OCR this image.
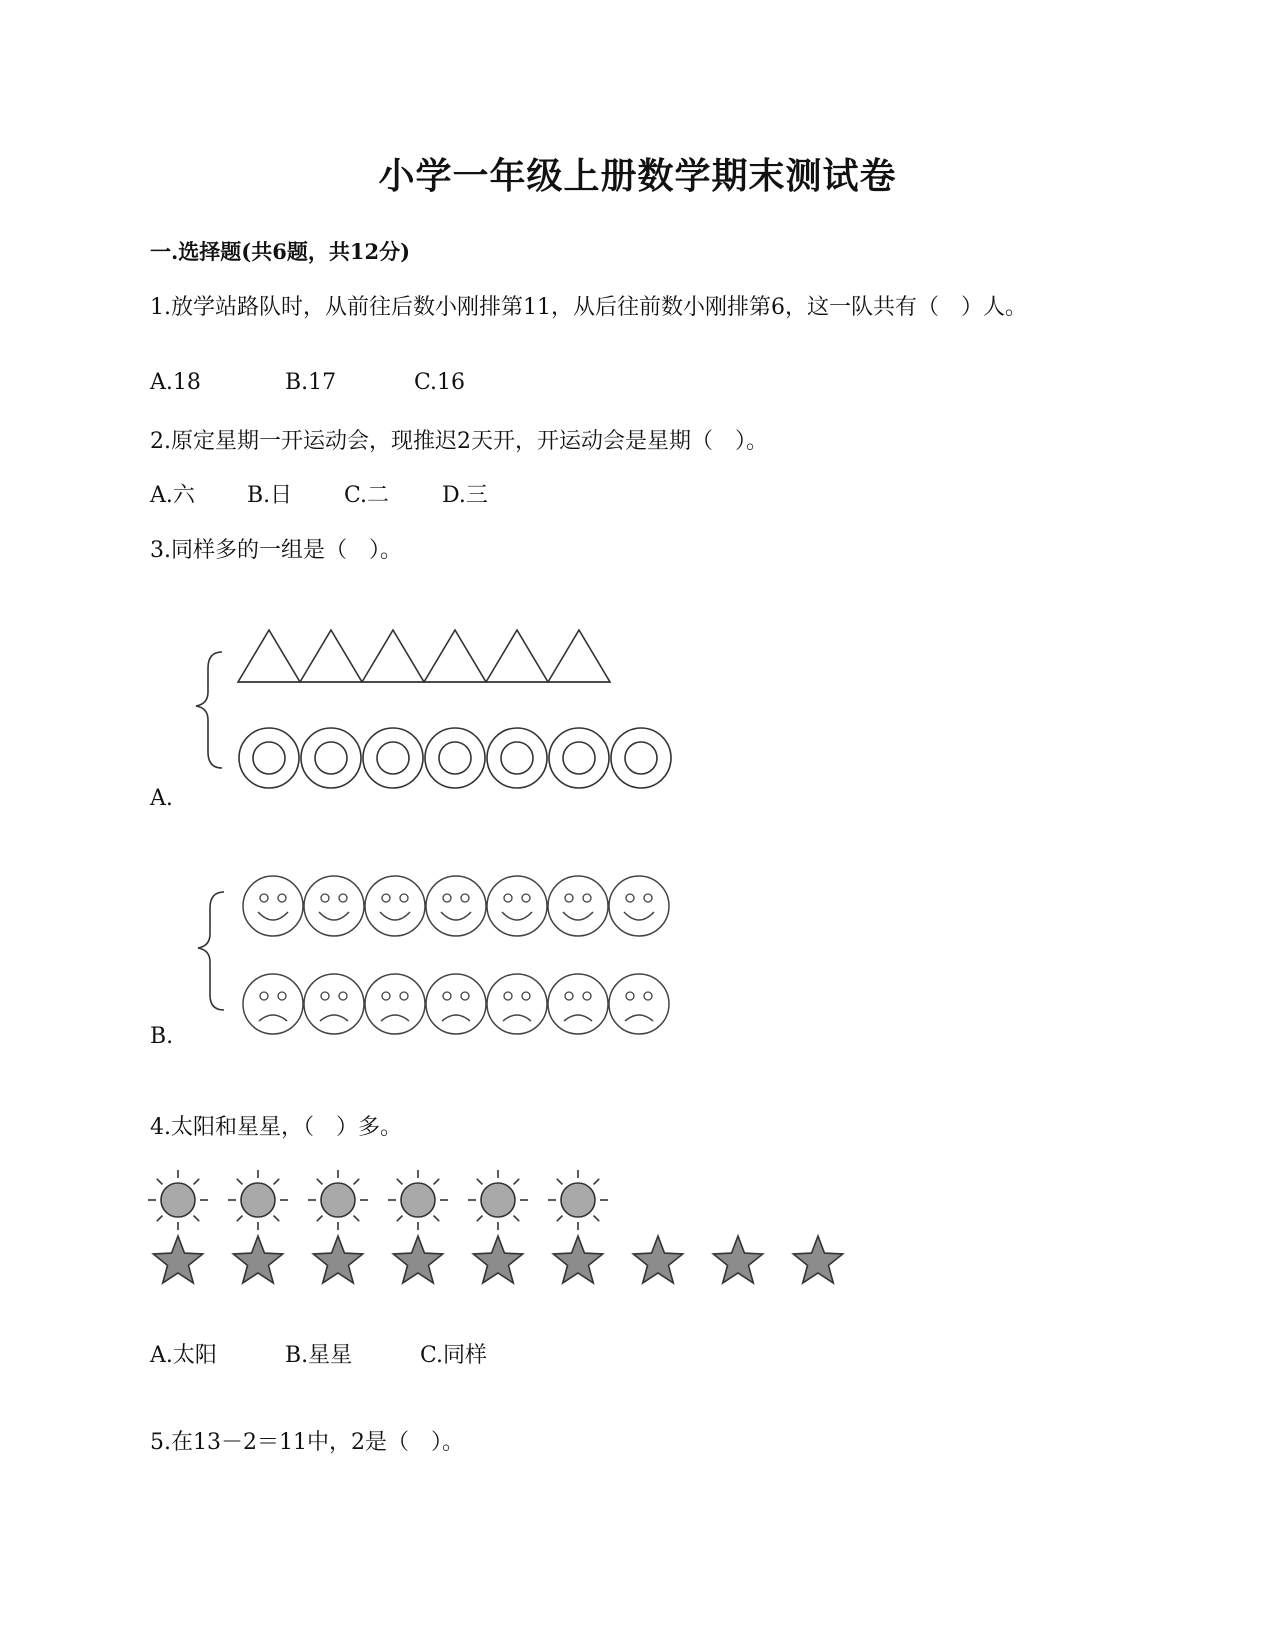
小学一年级上册数学期末测试卷
一.选择题(共6题，共12分)
1.放学站路队时，从前往后数小刚排第11，从后往前数小刚排第6，这一队共有（　）人。
A.18	B.17	C.16
2.原定星期一开运动会，现推迟2天开，开运动会是星期（　）。
A.六 B.日 C.二 D.三
3.同样多的一组是（　）。
A.
B.
4.太阳和星星，（　）多。
A.太阳	B.星星	C.同样
5.在13－2＝11中，2是（　）。
